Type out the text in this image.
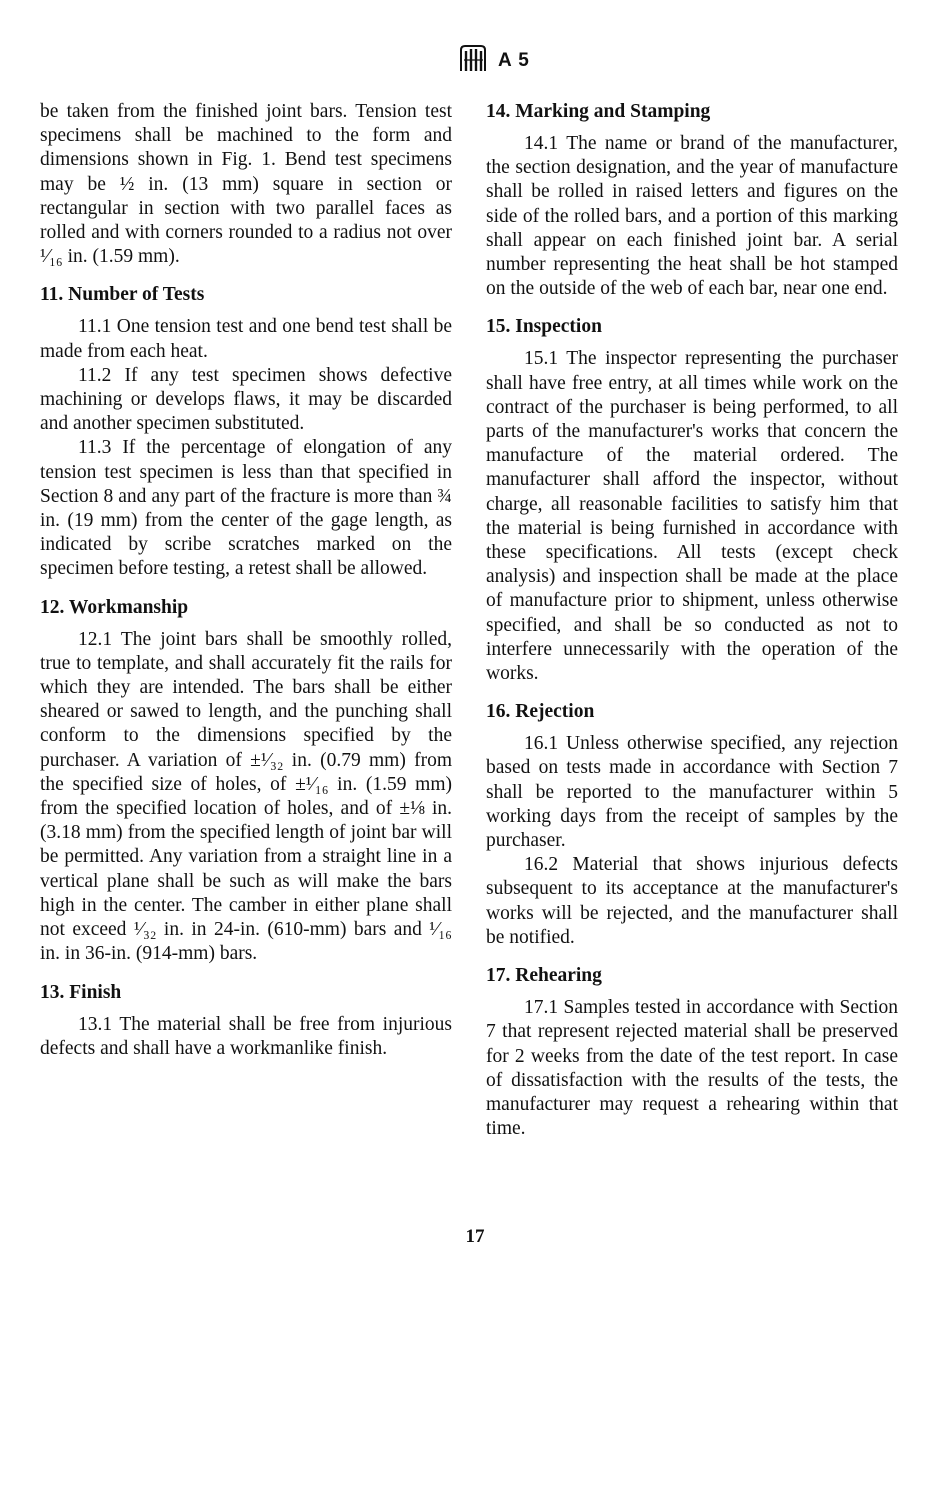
A 5

be taken from the finished joint bars. Tension test specimens shall be machined to the form and dimensions shown in Fig. 1. Bend test specimens may be ½ in. (13 mm) square in section or rectangular in section with two parallel faces as rolled and with corners rounded to a radius not over ¹⁄₁₆ in. (1.59 mm).

11. Number of Tests

11.1 One tension test and one bend test shall be made from each heat.

11.2 If any test specimen shows defective machining or develops flaws, it may be discarded and another specimen substituted.

11.3 If the percentage of elongation of any tension test specimen is less than that specified in Section 8 and any part of the fracture is more than ¾ in. (19 mm) from the center of the gage length, as indicated by scribe scratches marked on the specimen before testing, a retest shall be allowed.

12. Workmanship

12.1 The joint bars shall be smoothly rolled, true to template, and shall accurately fit the rails for which they are intended. The bars shall be either sheared or sawed to length, and the punching shall conform to the dimensions specified by the purchaser. A variation of ±¹⁄₃₂ in. (0.79 mm) from the specified size of holes, of ±¹⁄₁₆ in. (1.59 mm) from the specified location of holes, and of ±⅛ in. (3.18 mm) from the specified length of joint bar will be permitted. Any variation from a straight line in a vertical plane shall be such as will make the bars high in the center. The camber in either plane shall not exceed ¹⁄₃₂ in. in 24-in. (610-mm) bars and ¹⁄₁₆ in. in 36-in. (914-mm) bars.

13. Finish

13.1 The material shall be free from injurious defects and shall have a workmanlike finish.

14. Marking and Stamping

14.1 The name or brand of the manufacturer, the section designation, and the year of manufacture shall be rolled in raised letters and figures on the side of the rolled bars, and a portion of this marking shall appear on each finished joint bar. A serial number representing the heat shall be hot stamped on the outside of the web of each bar, near one end.

15. Inspection

15.1 The inspector representing the purchaser shall have free entry, at all times while work on the contract of the purchaser is being performed, to all parts of the manufacturer's works that concern the manufacture of the material ordered. The manufacturer shall afford the inspector, without charge, all reasonable facilities to satisfy him that the material is being furnished in accordance with these specifications. All tests (except check analysis) and inspection shall be made at the place of manufacture prior to shipment, unless otherwise specified, and shall be so conducted as not to interfere unnecessarily with the operation of the works.

16. Rejection

16.1 Unless otherwise specified, any rejection based on tests made in accordance with Section 7 shall be reported to the manufacturer within 5 working days from the receipt of samples by the purchaser.

16.2 Material that shows injurious defects subsequent to its acceptance at the manufacturer's works will be rejected, and the manufacturer shall be notified.

17. Rehearing

17.1 Samples tested in accordance with Section 7 that represent rejected material shall be preserved for 2 weeks from the date of the test report. In case of dissatisfaction with the results of the tests, the manufacturer may request a rehearing within that time.

17
